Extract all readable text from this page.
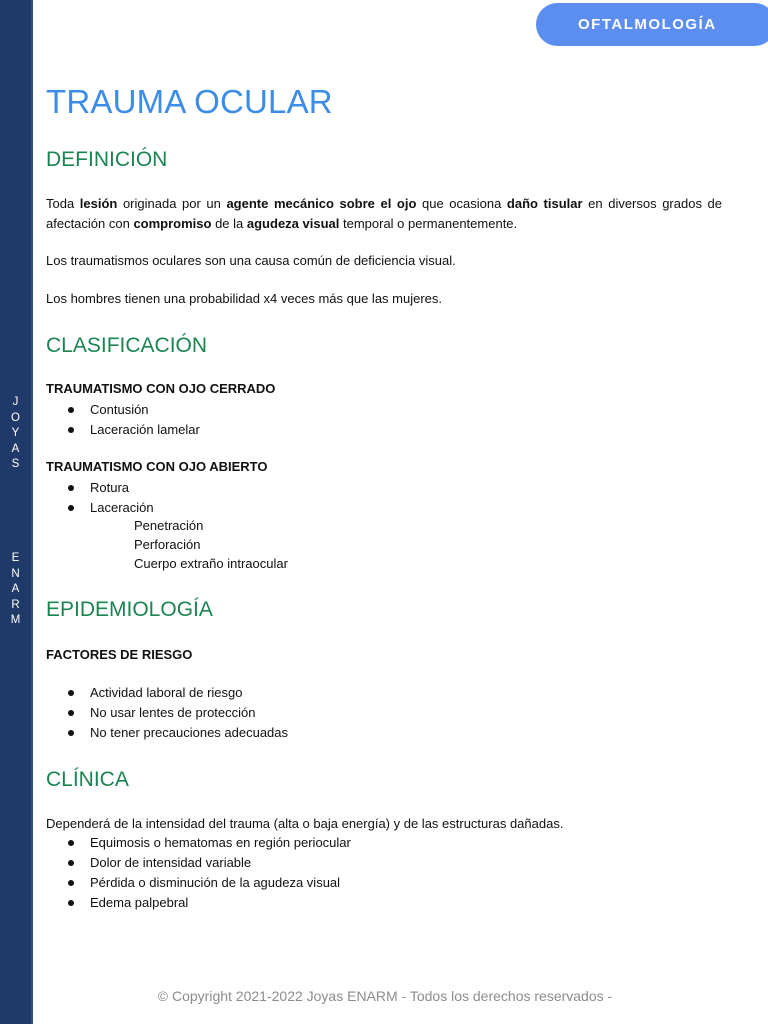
J
O
Y
A
S
E
N
A
R
M
OFTALMOLOGÍA
TRAUMA OCULAR
DEFINICIÓN

Toda lesión originada por un agente mecánico sobre el ojo que ocasiona daño tisular en diversos grados de afectación con compromiso de la agudeza visual temporal o permanentemente.

Los traumatismos oculares son una causa común de deficiencia visual.

Los hombres tienen una probabilidad x4 veces más que las mujeres.

CLASIFICACIÓN
TRAUMATISMO CON OJO CERRADO
Contusión
Laceración lamelar
TRAUMATISMO CON OJO ABIERTO
Rotura
Laceración
Penetración
Perforación
Cuerpo extraño intraocular
EPIDEMIOLOGÍA
FACTORES DE RIESGO
Actividad laboral de riesgo
No usar lentes de protección
No tener precauciones adecuadas
CLÍNICA

Dependerá de la intensidad del trauma (alta o baja energía) y de las estructuras dañadas.

Equimosis o hematomas en región periocular
Dolor de intensidad variable
Pérdida o disminución de la agudeza visual
Edema palpebral
© Copyright 2021-2022 Joyas ENARM - Todos los derechos reservados -
